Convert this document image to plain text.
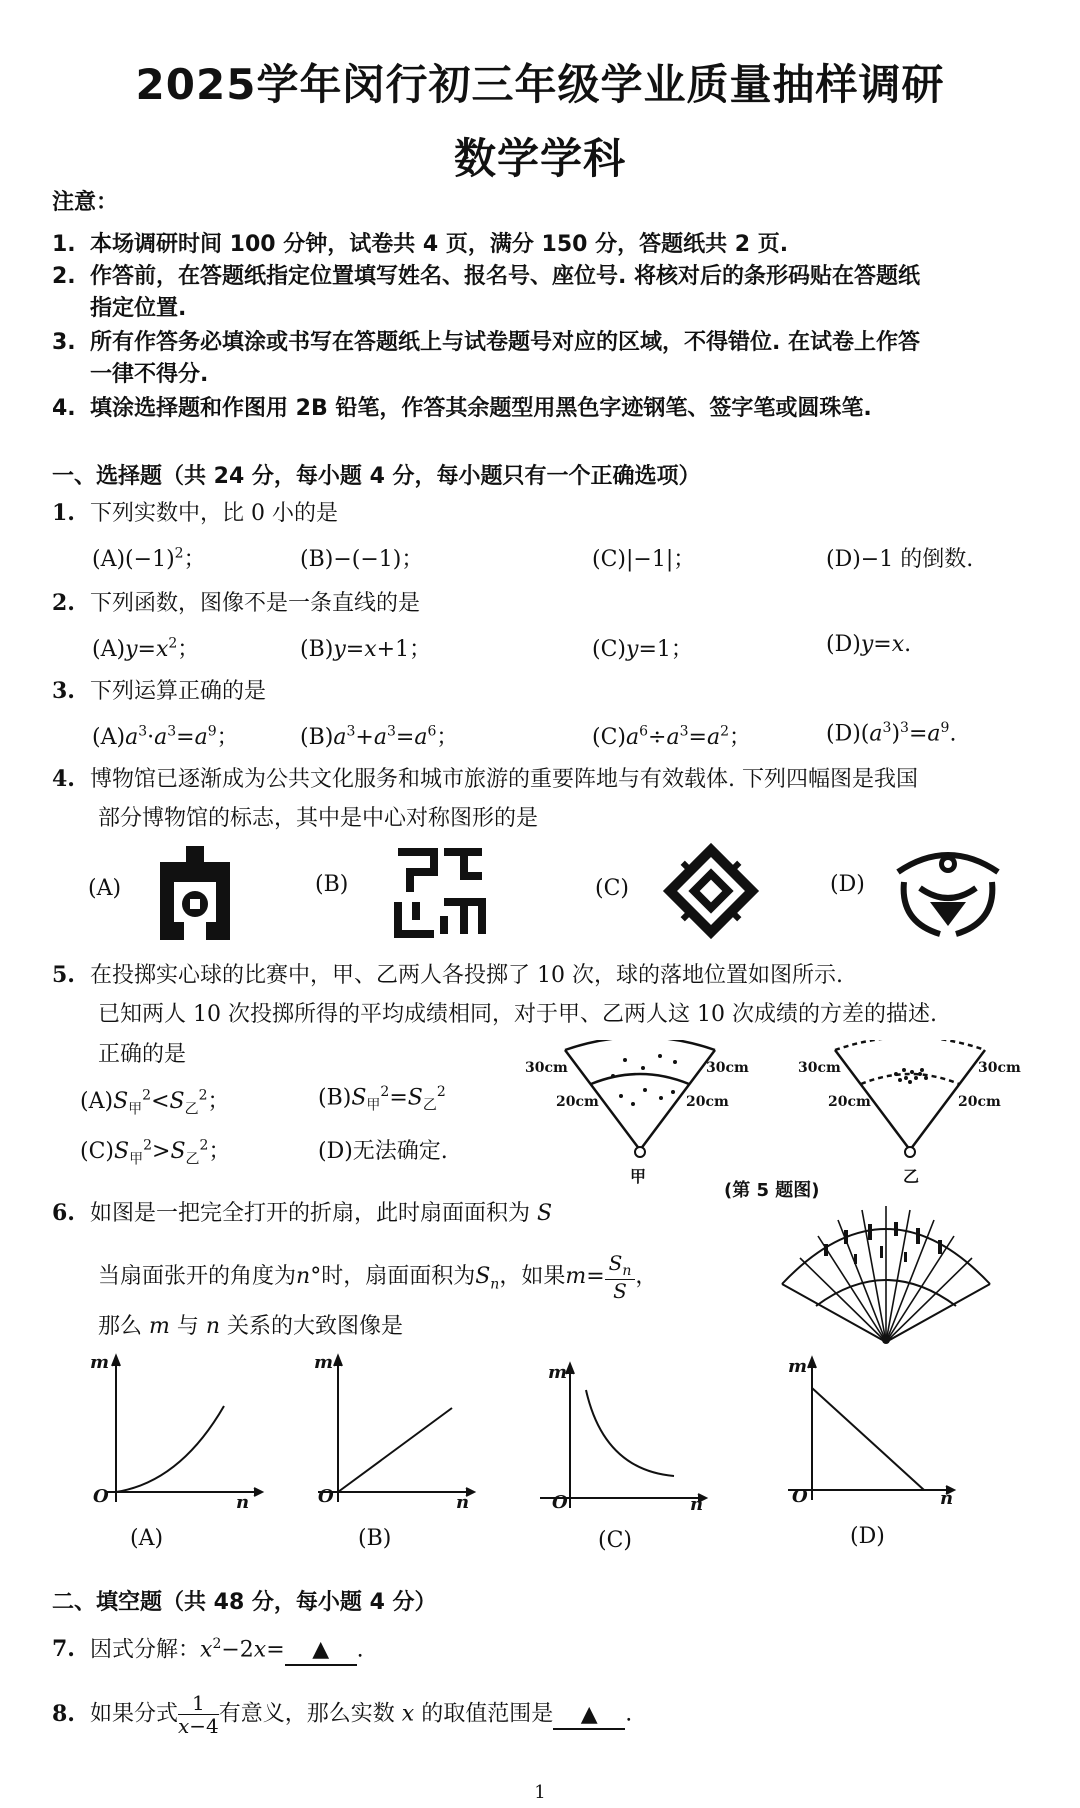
2025学年闵行初三年级学业质量抽样调研
数学学科
注意：
1. 本场调研时间 100 分钟，试卷共 4 页，满分 150 分，答题纸共 2 页.
2. 作答前，在答题纸指定位置填写姓名、报名号、座位号. 将核对后的条形码贴在答题纸
指定位置.
3. 所有作答务必填涂或书写在答题纸上与试卷题号对应的区域，不得错位. 在试卷上作答
一律不得分.
4. 填涂选择题和作图用 2B 铅笔，作答其余题型用黑色字迹钢笔、签字笔或圆珠笔.
一、选择题（共 24 分，每小题 4 分，每小题只有一个正确选项）
1. 下列实数中，比 0 小的是
$(A)(-1)^2$；	(B)−(−1)；	(C)|−1|；	(D)−1 的倒数.
2. 下列函数，图像不是一条直线的是
$(A)y=x^2$；	(B)y=x+1；	(C)y=1；	(D)y=x.
3. 下列运算正确的是
$(A)a^3\cdot a^3=a^9$；	$(B)a^3+a^3=a^6$；	$(C)a^6\div a^3=a^2$；	$(D)(a^3)^3=a^9$.
4. 博物馆已逐渐成为公共文化服务和城市旅游的重要阵地与有效载体. 下列四幅图是我国
部分博物馆的标志，其中是中心对称图形的是
(A)	(B)	(C)	(D)
5. 在投掷实心球的比赛中，甲、乙两人各投掷了 10 次，球的落地位置如图所示.
已知两人 10 次投掷所得的平均成绩相同，对于甲、乙两人这 10 次成绩的方差的描述.
正确的是
$(A)S_甲^2<S_乙^2$；	$(B)S_甲^2=S_乙^2$
$(C)S_甲^2>S_乙^2$；	(D)无法确定.
30cm	30cm
20cm	20cm
甲
30cm	30cm
20cm	20cm
乙
(第 5 题图)
6. 如图是一把完全打开的折扇，此时扇面面积为 S
当扇面张开的角度为n°时，扇面面积为$S_n$，如果$m= \frac{S_n}{S}$ ，
那么 m 与 n 关系的大致图像是
m
O	n
(A)
m
O	n
(B)
m
O	n
(C)
m
O	n
(D)
二、填空题（共 48 分，每小题 4 分）
7. 因式分解：$x^2-2x=$ ▲ .
8. 如果分式 $\frac{1}{x-4}$ 有意义，那么实数 x 的取值范围是 ▲ .
1
